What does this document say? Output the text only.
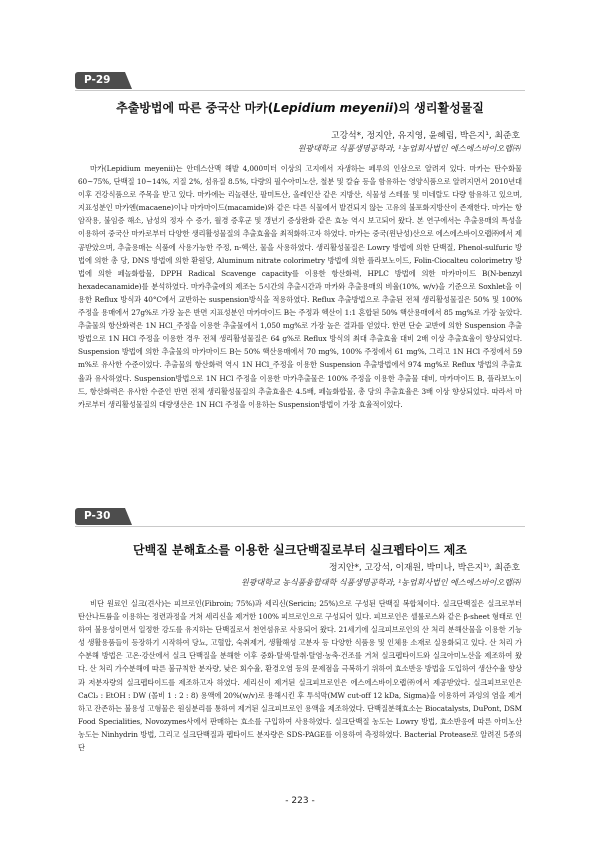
P-29
추출방법에 따른 중국산 마카(Lepidium meyenii)의 생리활성물질
고강석*, 정지안, 유지영, 윤혜림, 박은지¹, 최준호
원광대학교 식품생명공학과, ¹농업회사법인 에스에스바이오랩㈜

마카(Lepidium meyenii)는 안데스산맥 해발 4,000미터 이상의 고지에서 자생하는 페루의 인삼으로 알려져 있다. 마카는 탄수화물 60~75%, 단백질 10~14%, 지질 2%, 섬유질 8.5%, 다량의 필수아미노산, 철분 및 칼슘 등을 함유하는 영양식품으로 알려지면서 2010년대 이후 건강식품으로 주목을 받고 있다. 마카에는 리놀렌산, 팔미트산, 올레인산 같은 지방산, 식물성 스테롤 및 미네랄도 다량 함유하고 있으며, 지표성분인 마카엔(macaene)이나 마카마이드(macamide)와 같은 다른 식물에서 발견되지 않는 고유의 불포화지방산이 존재한다. 마카는 항암작용, 불임증 해소, 남성의 정자 수 증가, 월경 증후군 및 갱년기 증상완화 같은 효능 역시 보고되어 왔다. 본 연구에서는 추출용매의 특성을 이용하여 중국산 마카로부터 다양한 생리활성물질의 추출효율을 최적화하고자 하였다. 마카는 중국(윈난성)산으로 에스에스바이오랩㈜에서 제공받았으며, 추출용매는 식품에 사용가능한 주정, n-헥산, 물을 사용하였다. 생리활성물질은 Lowry 방법에 의한 단백질, Phenol-sulfuric 방법에 의한 총 당, DNS 방법에 의한 환원당, Aluminum nitrate colorimetry 방법에 의한 플라보노이드, Folin-Ciocalteu colorimetry 방법에 의한 페놀화합물, DPPH Radical Scavenge capacity를 이용한 항산화력, HPLC 방법에 의한 마카마이드 B(N-benzyl hexadecanamide)를 분석하였다. 마카추출에의 제조는 5시간의 추출시간과 마카와 추출용매의 비율(10%, w/v)을 기준으로 Soxhlet을 이용한 Reflux 방식과 40°C에서 교반하는 suspension방식을 적용하였다. Reflux 추출방법으로 추출된 전체 생리활성물질은 50% 및 100% 주정을 용매에서 27g%로 가장 높은 반면 지표성분인 마카마이드 B는 주정과 헥산이 1:1 혼합된 50% 핵산용매에서 85 mg%로 가장 높았다. 추출물의 항산화력은 1N HCl_주정을 이용한 추출물에서 1,050 mg%로 가장 높은 결과를 얻었다. 한편 단순 교반에 의한 Suspension 추출방법으로 1N HCl 주정을 이용한 경우 전체 생리활성물질은 64 g%로 Reflux 방식의 최대 추출효율 대비 2배 이상 추출효율이 향상되었다. Suspension 방법에 의한 추출물의 마카마이드 B는 50% 핵산용매에서 70 mg%, 100% 주정에서 61 mg%, 그리고 1N HCl 주정에서 59 m%로 유사한 수준이었다. 추출물의 항산화력 역시 1N HCl_주정을 이용한 Suspension 추출방법에서 974 mg%로 Reflux 방법의 추출효율과 유사하였다. Suspension방법으로 1N HCl 주정을 이용한 마카추출물은 100% 주정을 이용한 추출물 대비, 마카마이드 B, 플라보노이드, 항산화력은 유사한 수준인 반면 전체 생리활성물질의 추출효율은 4.5배, 페놀화합물, 총 당의 추출효율은 3배 이상 향상되었다. 따라서 마카로부터 생리활성물질의 대량생산은 1N HCl 주정을 이용하는 Suspension방법이 가장 효율적이었다.

P-30
단백질 분해효소를 이용한 실크단백질로부터 실크펩타이드 제조
정지안*, 고강석, 이재원, 박미나, 박은지¹⁾, 최준호
원광대학교 농식품융합대학 식품생명공학과, ¹농업회사법인 에스에스바이오랩㈜

비단 원료인 실크(견사)는 피브로인(Fibroin; 75%)과 세리신(Sericin; 25%)으로 구성된 단백질 복합체이다. 실크단백질은 실크로부터 탄산나트륨을 이용하는 정련과정을 거쳐 세리신을 제거한 100% 피브로인으로 구성되어 있다. 피브로인은 셀룰로스와 같은 β-sheet 형태로 인하여 불용성이면서 일정한 강도를 유지하는 단백질로서 천연섬유로 사용되어 왔다. 21세기에 실크피브로인의 산 처리 분해산물을 이용한 기능성 생활용품들이 등장하기 시작하여 당뇨, 고혈압, 숙취제거, 생활해성 고분자 등 다양한 식품용 및 인체용 소재로 실용화되고 있다. 산 처리 가수분해 방법은 고온·강산에서 실크 단백질을 분해한 이후 중화·탈색·탈취·탈염·농축·건조를 거쳐 실크펩타이드와 실크아미노산을 제조하여 왔다. 산 처리 가수분해에 따른 불규칙한 분자량, 낮은 회수율, 환경오염 등의 문제점을 극복하기 위하여 효소반응 방법을 도입하여 생산수율 향상과 저분자량의 실크펩타이드를 제조하고자 하였다. 세리신이 제거된 실크피브로인은 에스에스바이오랩㈜에서 제공받았다. 실크피브로인은 CaCl₂ : EtOH : DW (몰비 1 : 2 : 8) 용액에 20%(w/v)로 용해시킨 후 투석막(MW cut-off 12 kDa, Sigma)을 이용하여 과잉의 염을 제거하고 잔존하는 불용성 고형물은 원심분리를 통하여 제거된 실크피브로인 용액을 제조하였다. 단백질분해효소는 Biocatalysts, DuPont, DSM Food Specialities, Novozymes사에서 판매하는 효소를 구입하여 사용하였다. 실크단백질 농도는 Lowry 방법, 효소반응에 따른 아미노산 농도는 Ninhydrin 방법, 그리고 실크단백질과 펩타이드 분자량은 SDS-PAGE를 이용하여 측정하였다. Bacterial Protease로 알려진 5종의 단

- 223 -
